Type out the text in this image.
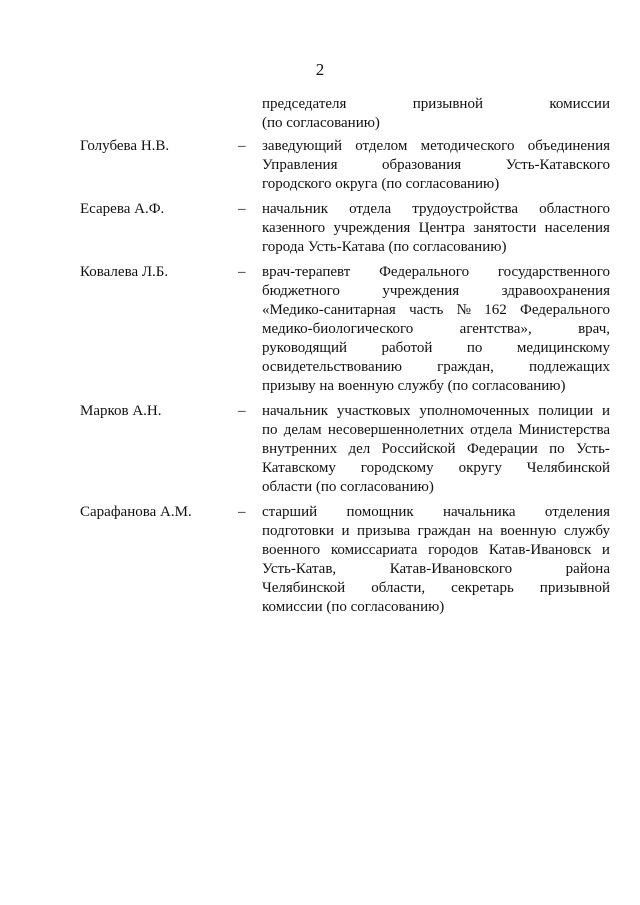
2
председателя	призывной	комиссии
(по согласованию)
Голубева Н.В.	– заведующий отделом методического объединения
Управления	образования	Усть-Катавского
городского округа (по согласованию)
Есарева А.Ф.	– начальник отдела трудоустройства областного
казенного учреждения Центра занятости населения
города Усть-Катава (по согласованию)
Ковалева Л.Б.	– врач-терапевт Федерального государственного
бюджетного	учреждения	здравоохранения
«Медико-санитарная часть № 162 Федерального
медико-биологического	агентства»,	врач,
руководящий работой по медицинскому
освидетельствованию граждан, подлежащих
призыву на военную службу (по согласованию)
Марков А.Н.	– начальник участковых уполномоченных полиции и
по делам несовершеннолетних отдела Министерства
внутренних дел Российской Федерации по Усть-
Катавскому городскому округу Челябинской
области (по согласованию)
Сарафанова А.М.	– старший помощник начальника отделения
подготовки и призыва граждан на военную службу
военного комиссариата городов Катав-Ивановск и
Усть-Катав,	Катав-Ивановского	района
Челябинской области, секретарь призывной
комиссии (по согласованию)
